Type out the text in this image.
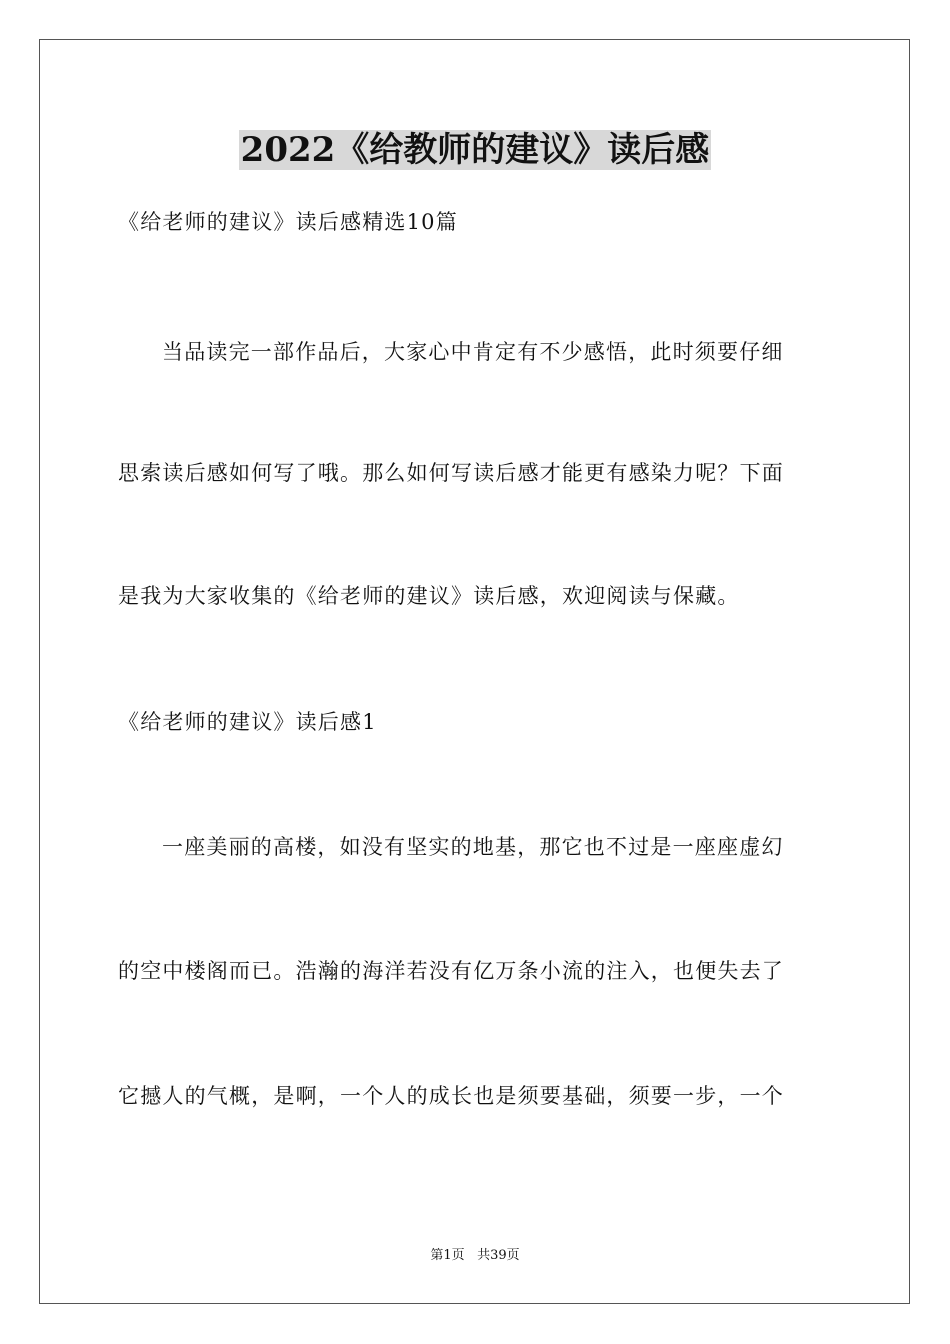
2022《给教师的建议》读后感
《给老师的建议》读后感精选10篇
当品读完一部作品后，大家心中肯定有不少感悟，此时须要仔细
思索读后感如何写了哦。那么如何写读后感才能更有感染力呢？下面
是我为大家收集的《给老师的建议》读后感，欢迎阅读与保藏。
《给老师的建议》读后感1
一座美丽的高楼，如没有坚实的地基，那它也不过是一座座虚幻
的空中楼阁而已。浩瀚的海洋若没有亿万条小流的注入，也便失去了
它撼人的气概，是啊，一个人的成长也是须要基础，须要一步，一个
第1页 共39页
